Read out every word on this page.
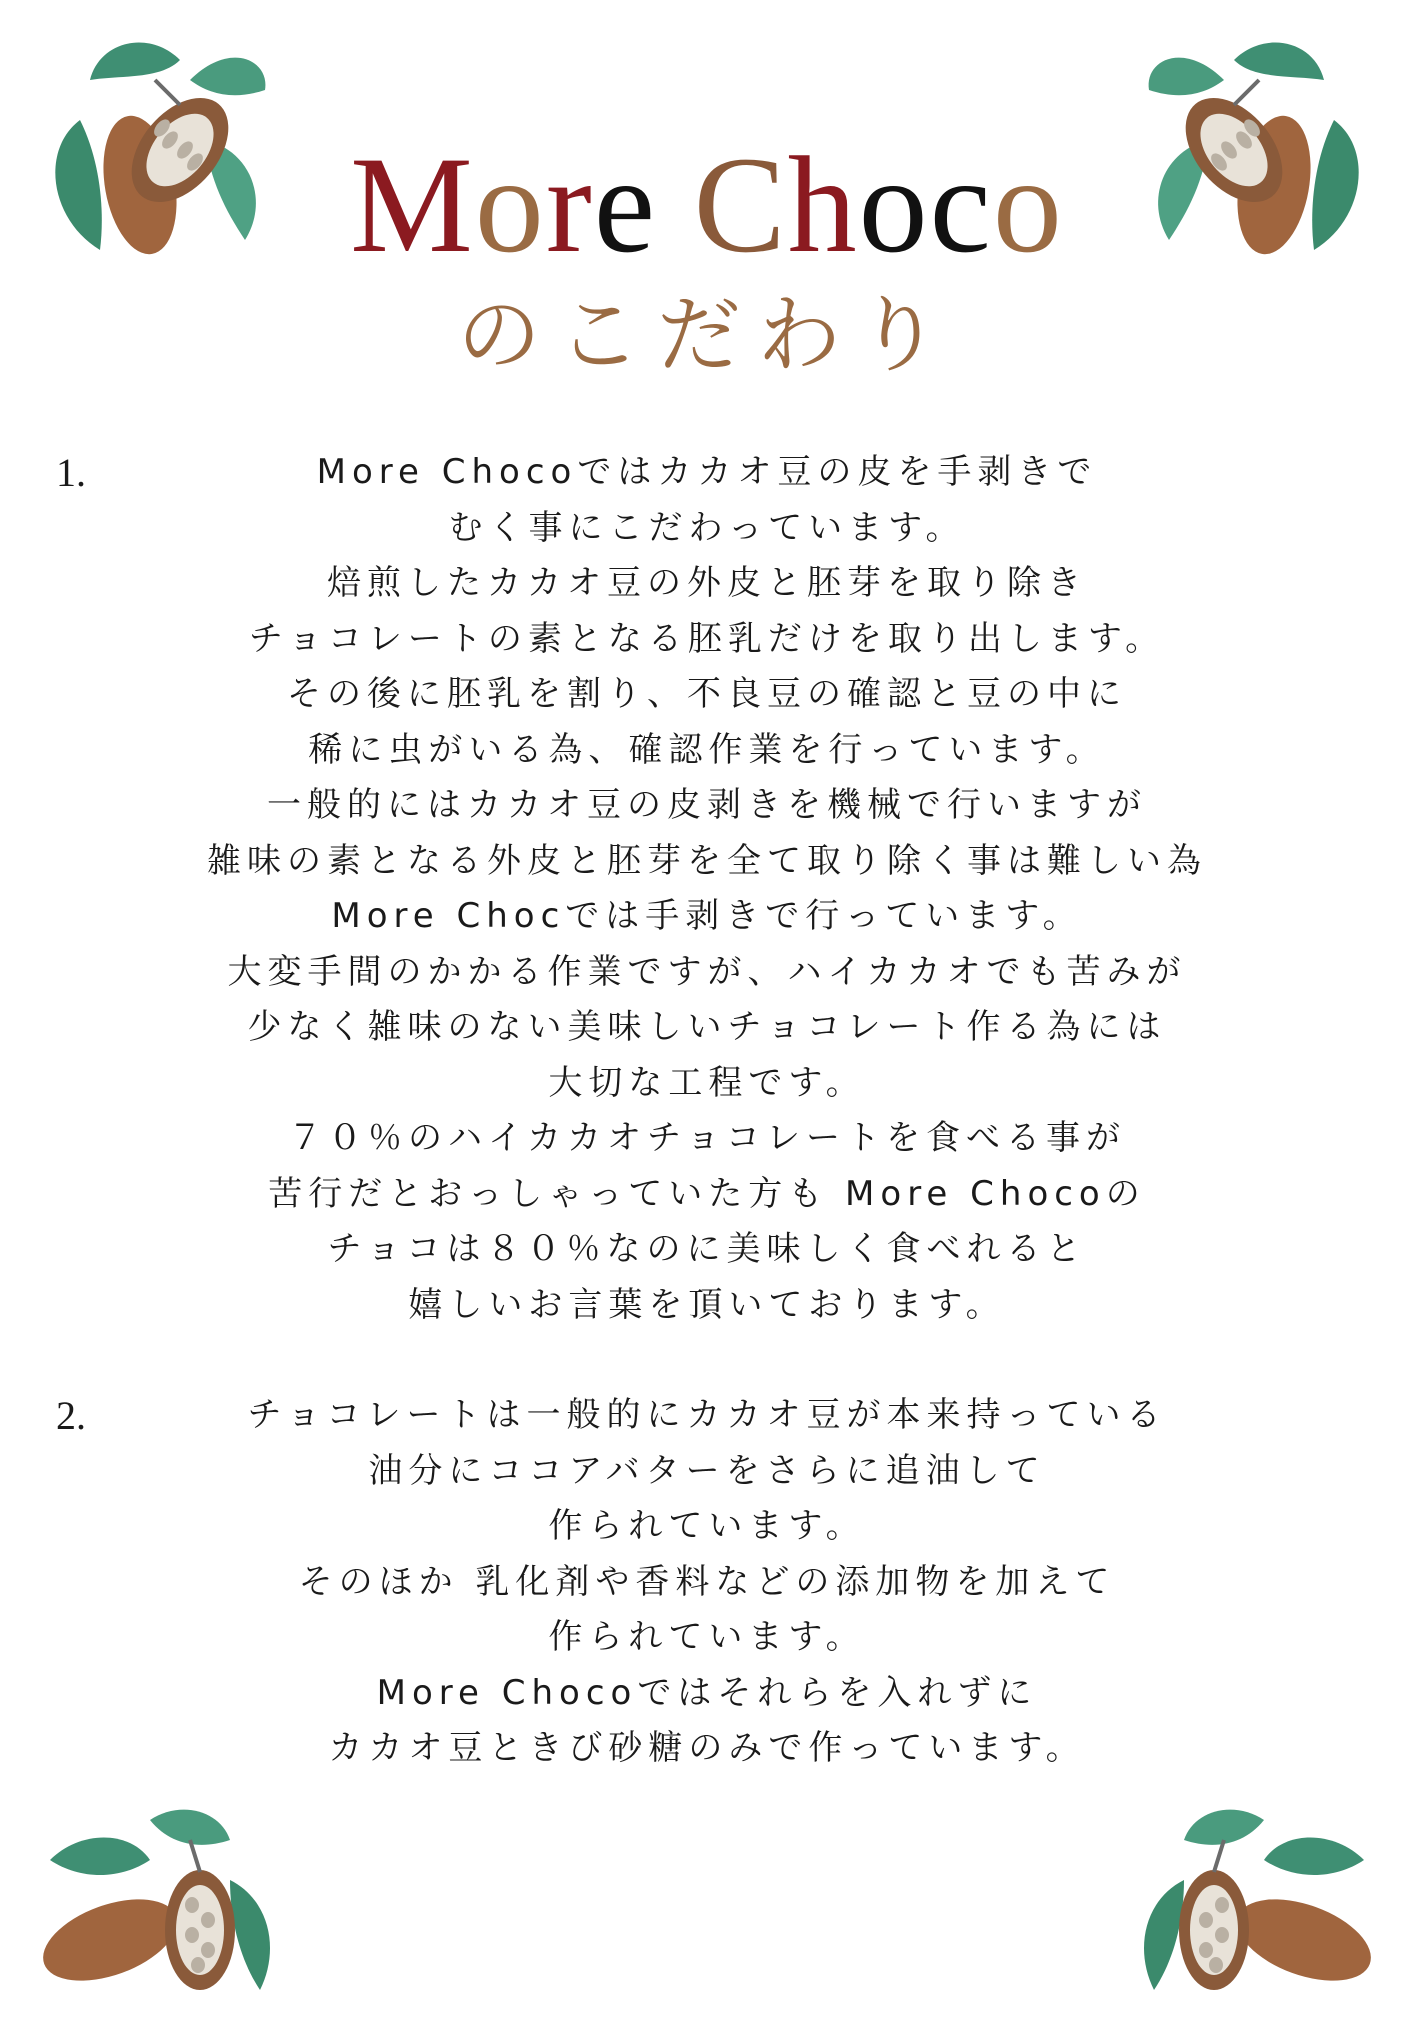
More Choco
のこだわり
1.	More Chocoではカカオ豆の皮を手剥きで
むく事にこだわっています。
焙煎したカカオ豆の外皮と胚芽を取り除き
チョコレートの素となる胚乳だけを取り出します。
その後に胚乳を割り、不良豆の確認と豆の中に
稀に虫がいる為、確認作業を行っています。
一般的にはカカオ豆の皮剥きを機械で行いますが
雑味の素となる外皮と胚芽を全て取り除く事は難しい為
More Chocでは手剥きで行っています。
大変手間のかかる作業ですが、ハイカカオでも苦みが
少なく雑味のない美味しいチョコレート作る為には
大切な工程です。
７０％のハイカカオチョコレートを食べる事が
苦行だとおっしゃっていた方も More Chocoの
チョコは８０％なのに美味しく食べれると
嬉しいお言葉を頂いております。
2.	チョコレートは一般的にカカオ豆が本来持っている
油分にココアバターをさらに追油して
作られています。
そのほか 乳化剤や香料などの添加物を加えて
作られています。
More Chocoではそれらを入れずに
カカオ豆ときび砂糖のみで作っています。
